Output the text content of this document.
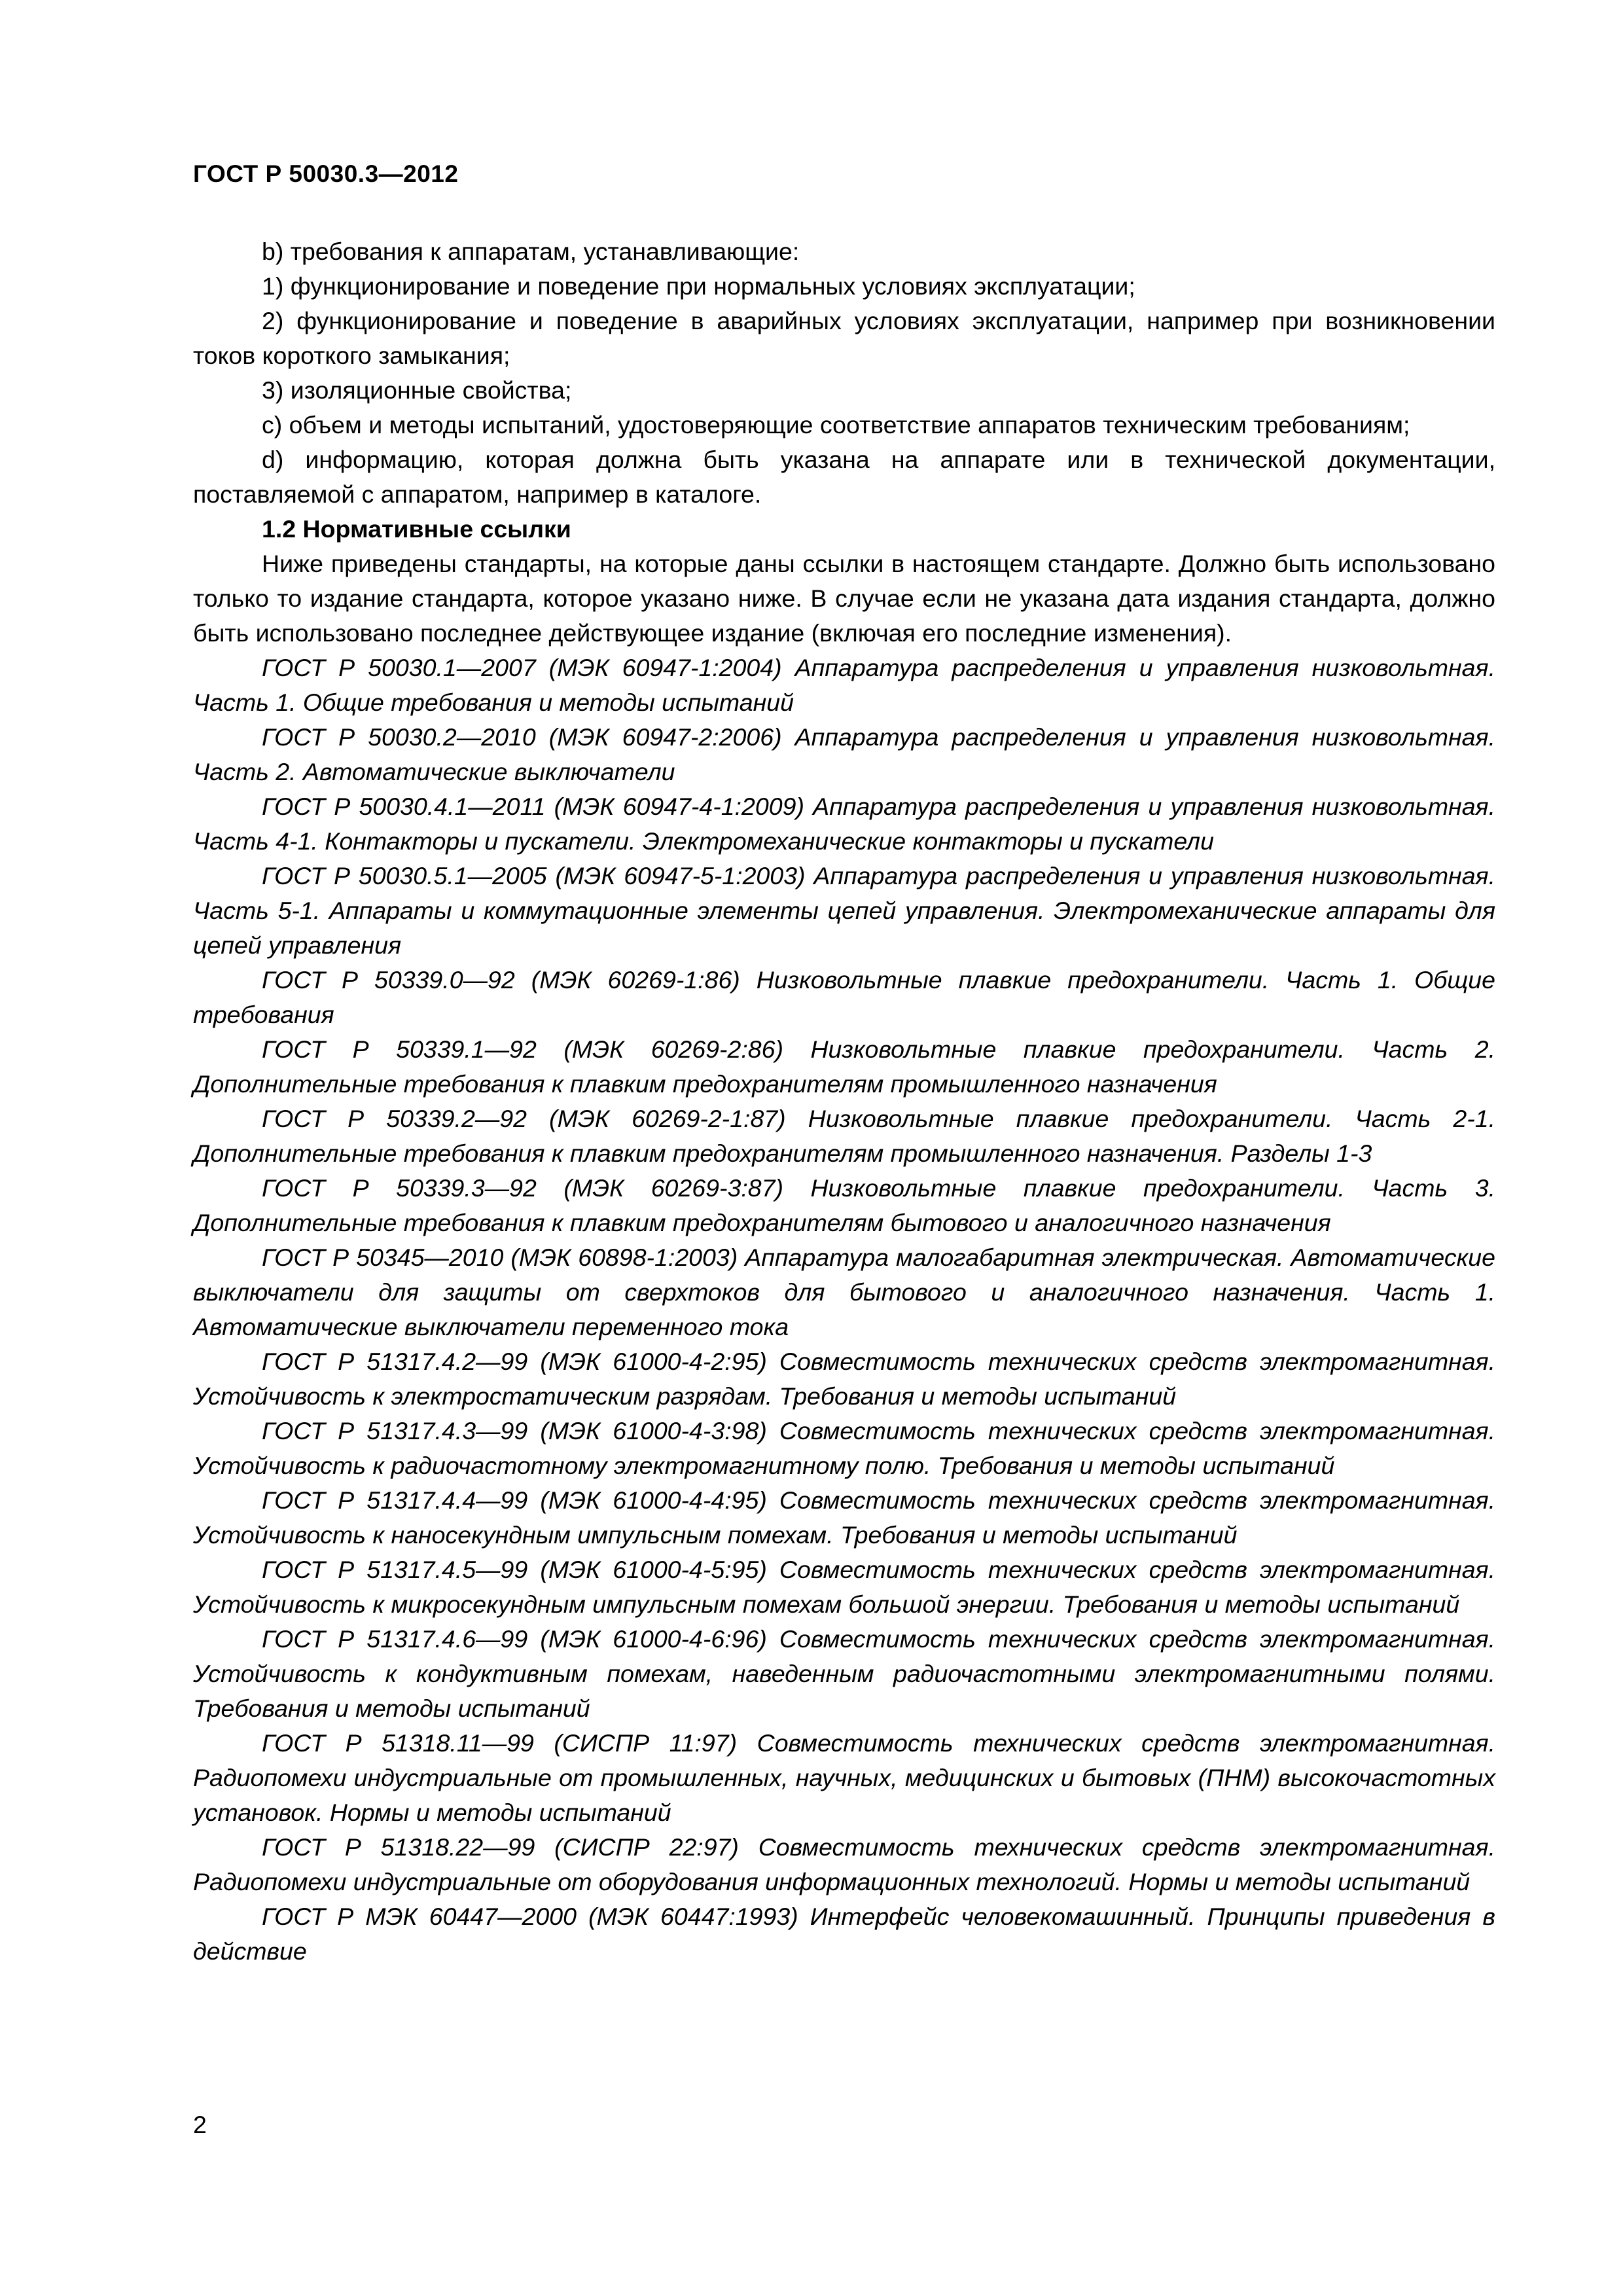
ГОСТ Р 50030.3—2012

b) требования к аппаратам, устанавливающие:

1) функционирование и поведение при нормальных условиях эксплуатации;

2) функционирование и поведение в аварийных условиях эксплуатации, например при возникновении токов короткого замыкания;

3) изоляционные свойства;

c) объем и методы испытаний, удостоверяющие соответствие аппаратов техническим требованиям;

d) информацию, которая должна быть указана на аппарате или в технической документации, поставляемой с аппаратом, например в каталоге.

1.2 Нормативные ссылки

Ниже приведены стандарты, на которые даны ссылки в настоящем стандарте. Должно быть использовано только то издание стандарта, которое указано ниже. В случае если не указана дата издания стандарта, должно быть использовано последнее действующее издание (включая его последние изменения).

ГОСТ Р 50030.1—2007 (МЭК 60947-1:2004) Аппаратура распределения и управления низковольтная. Часть 1. Общие требования и методы испытаний

ГОСТ Р 50030.2—2010 (МЭК 60947-2:2006) Аппаратура распределения и управления низковольтная. Часть 2. Автоматические выключатели

ГОСТ Р 50030.4.1—2011 (МЭК 60947-4-1:2009) Аппаратура распределения и управления низковольтная. Часть 4-1. Контакторы и пускатели. Электромеханические контакторы и пускатели

ГОСТ Р 50030.5.1—2005 (МЭК 60947-5-1:2003) Аппаратура распределения и управления низковольтная. Часть 5-1. Аппараты и коммутационные элементы цепей управления. Электромеханические аппараты для цепей управления

ГОСТ Р 50339.0—92 (МЭК 60269-1:86) Низковольтные плавкие предохранители. Часть 1. Общие требования

ГОСТ Р 50339.1—92 (МЭК 60269-2:86) Низковольтные плавкие предохранители. Часть 2. Дополнительные требования к плавким предохранителям промышленного назначения

ГОСТ Р 50339.2—92 (МЭК 60269-2-1:87) Низковольтные плавкие предохранители. Часть 2-1. Дополнительные требования к плавким предохранителям промышленного назначения. Разделы 1-3

ГОСТ Р 50339.3—92 (МЭК 60269-3:87) Низковольтные плавкие предохранители. Часть 3. Дополнительные требования к плавким предохранителям бытового и аналогичного назначения

ГОСТ Р 50345—2010 (МЭК 60898-1:2003) Аппаратура малогабаритная электрическая. Автоматические выключатели для защиты от сверхтоков для бытового и аналогичного назначения. Часть 1. Автоматические выключатели переменного тока

ГОСТ Р 51317.4.2—99 (МЭК 61000-4-2:95) Совместимость технических средств электромагнитная. Устойчивость к электростатическим разрядам. Требования и методы испытаний

ГОСТ Р 51317.4.3—99 (МЭК 61000-4-3:98) Совместимость технических средств электромагнитная. Устойчивость к радиочастотному электромагнитному полю. Требования и методы испытаний

ГОСТ Р 51317.4.4—99 (МЭК 61000-4-4:95) Совместимость технических средств электромагнитная. Устойчивость к наносекундным импульсным помехам. Требования и методы испытаний

ГОСТ Р 51317.4.5—99 (МЭК 61000-4-5:95) Совместимость технических средств электромагнитная. Устойчивость к микросекундным импульсным помехам большой энергии. Требования и методы испытаний

ГОСТ Р 51317.4.6—99 (МЭК 61000-4-6:96) Совместимость технических средств электромагнитная. Устойчивость к кондуктивным помехам, наведенным радиочастотными электромагнитными полями. Требования и методы испытаний

ГОСТ Р 51318.11—99 (СИСПР 11:97) Совместимость технических средств электромагнитная. Радиопомехи индустриальные от промышленных, научных, медицинских и бытовых (ПНМ) высокочастотных установок. Нормы и методы испытаний

ГОСТ Р 51318.22—99 (СИСПР 22:97) Совместимость технических средств электромагнитная. Радиопомехи индустриальные от оборудования информационных технологий. Нормы и методы испытаний

ГОСТ Р МЭК 60447—2000 (МЭК 60447:1993) Интерфейс человекомашинный. Принципы приведения в действие

2
